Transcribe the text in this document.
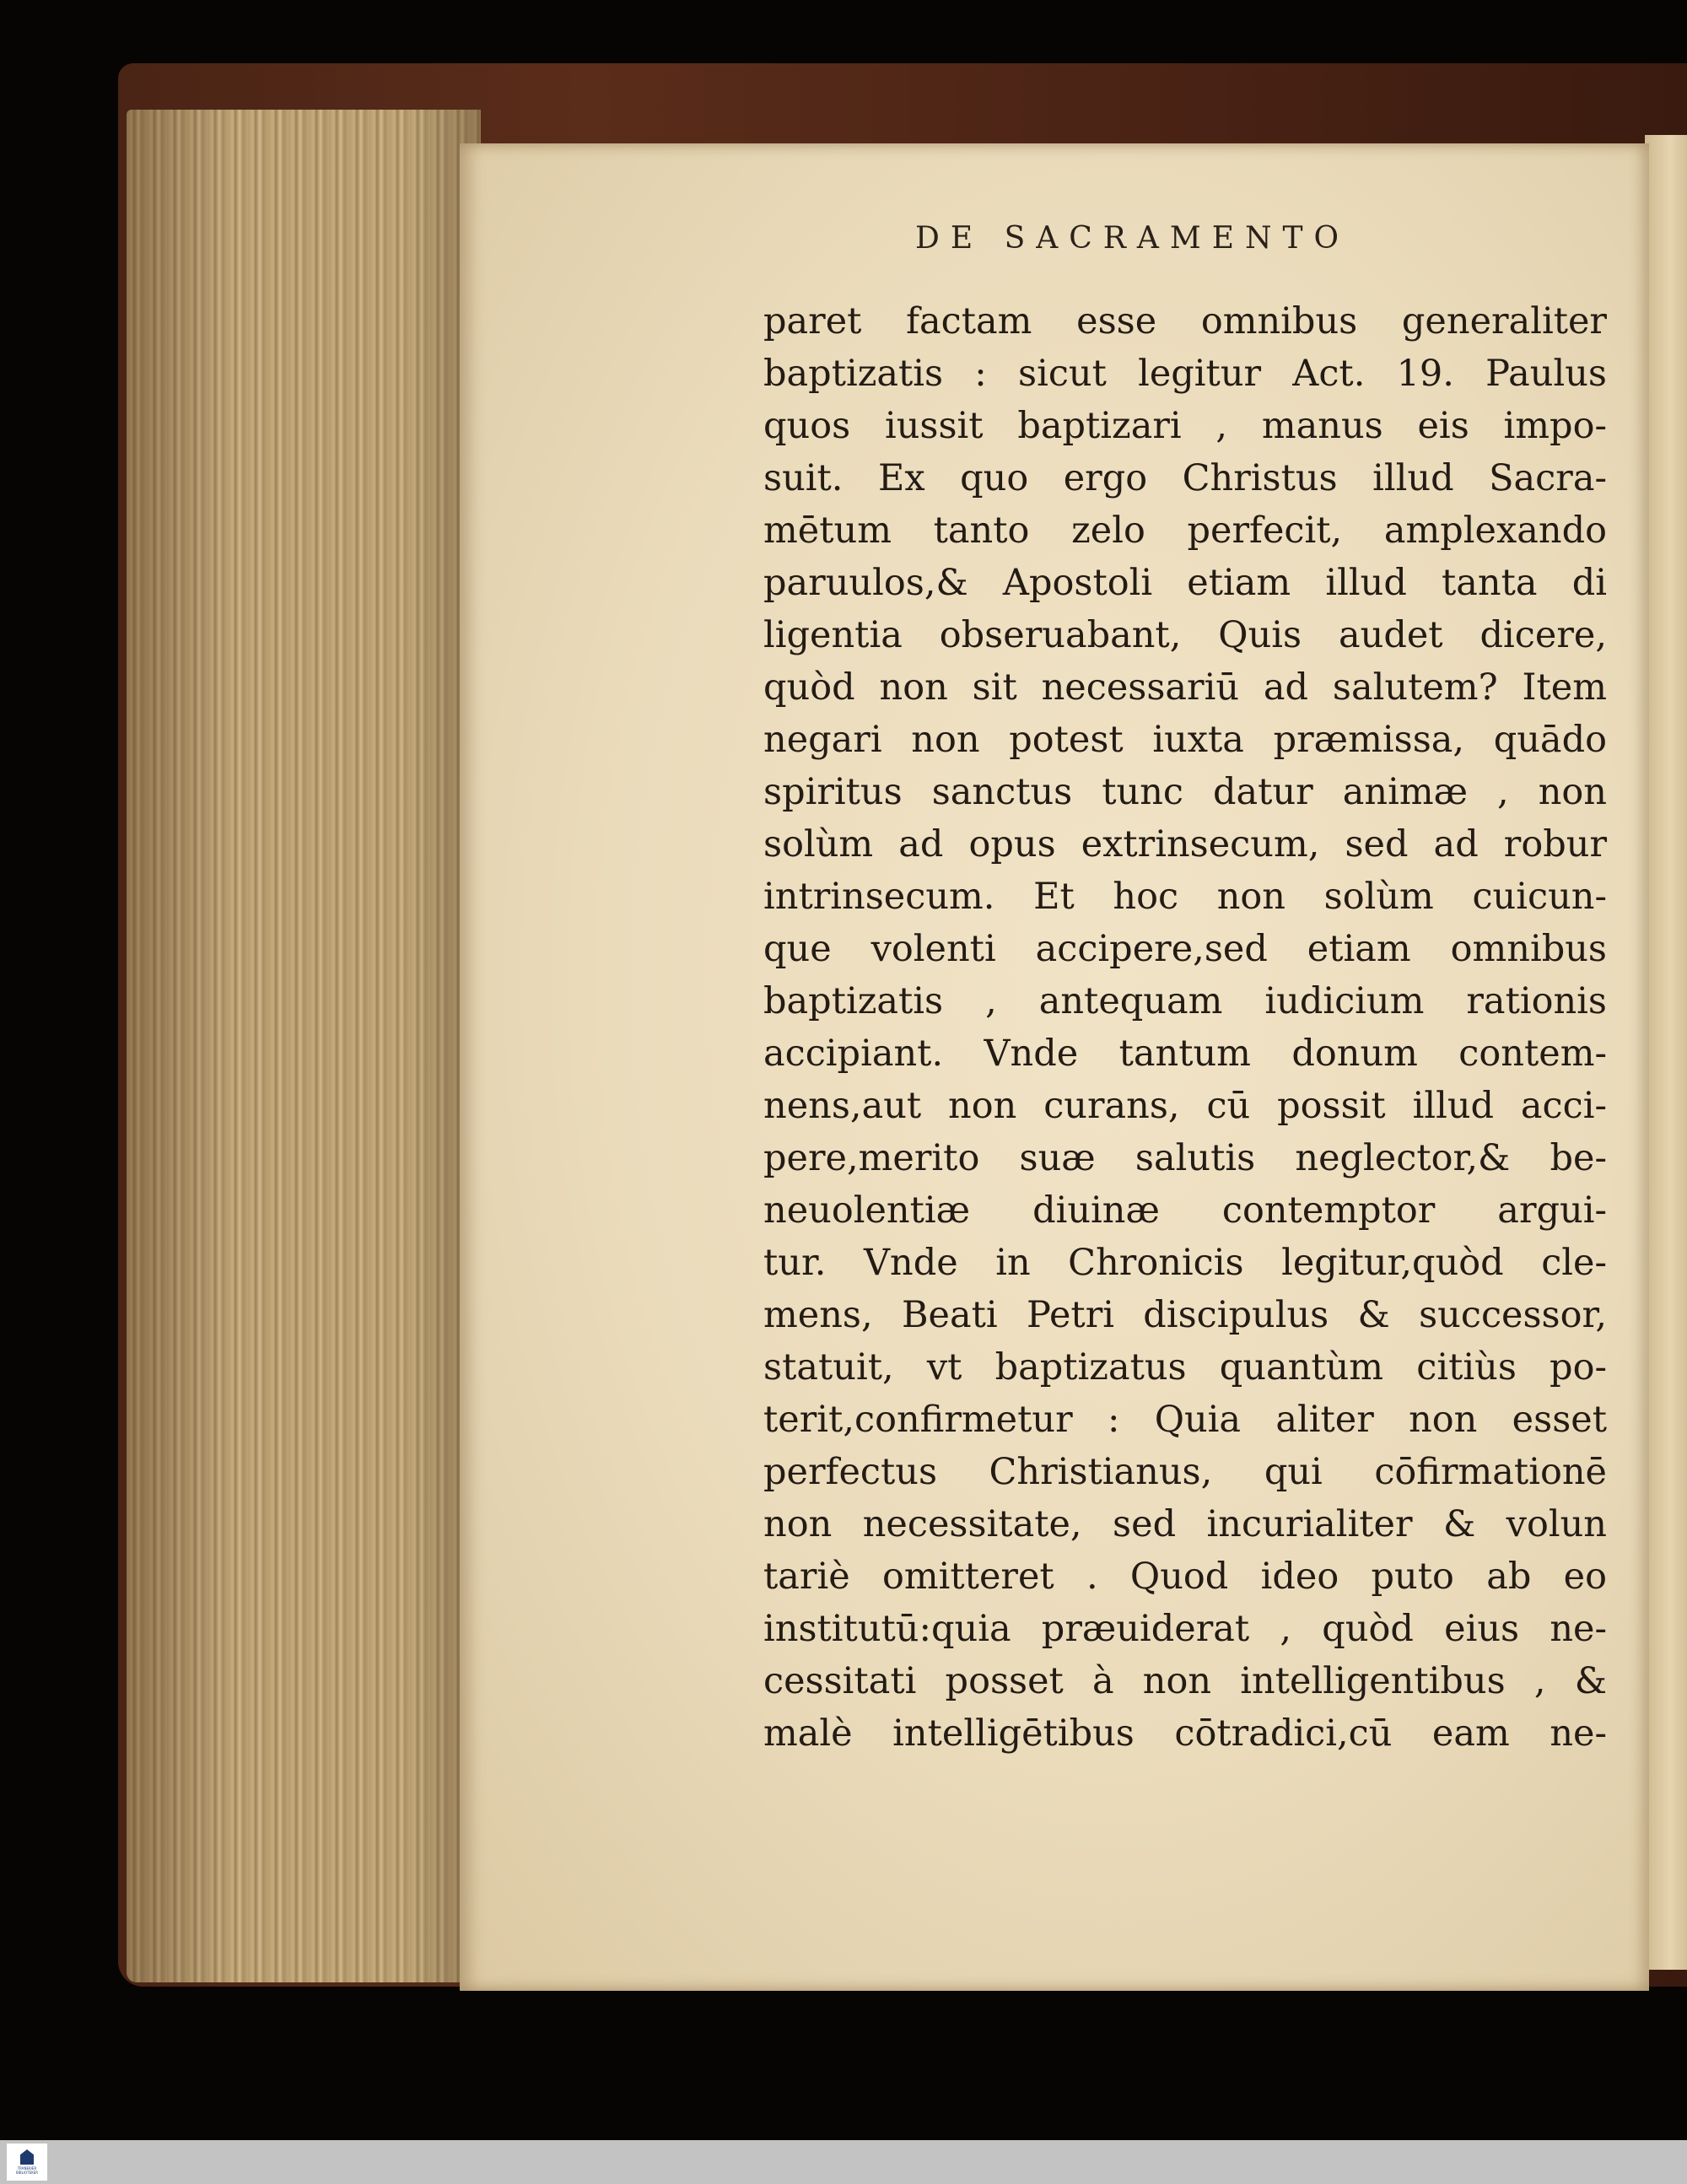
DE SACRAMENTO
paret factam esse omnibus generaliter
baptizatis : sicut legitur Act. 19. Paulus
quos iussit baptizari , manus eis impo-
suit. Ex quo ergo Christus illud Sacra-
mētum tanto zelo perfecit, amplexando
paruulos,& Apostoli etiam illud tanta di
ligentia obseruabant, Quis audet dicere,
quòd non sit necessariū ad salutem? Item
negari non potest iuxta præmissa, quādo
spiritus sanctus tunc datur animæ , non
solùm ad opus extrinsecum, sed ad robur
intrinsecum. Et hoc non solùm cuicun-
que volenti accipere,sed etiam omnibus
baptizatis , antequam iudicium rationis
accipiant. Vnde tantum donum contem-
nens,aut non curans, cū possit illud acci-
pere,merito suæ salutis neglector,& be-
neuolentiæ diuinæ contemptor argui-
tur. Vnde in Chronicis legitur,quòd cle-
mens, Beati Petri discipulus & successor,
statuit, vt baptizatus quantùm citiùs po-
terit,confirmetur : Quia aliter non esset
perfectus Christianus, qui cōfirmationē
non necessitate, sed incurialiter & volun
tariè omitteret . Quod ideo puto ab eo
institutū:quia præuiderat , quòd eius ne-
cessitati posset à non intelligentibus , &
malè intelligētibus cōtradici,cū eam ne-
TRANEKÆR BIBLIOTEKER
